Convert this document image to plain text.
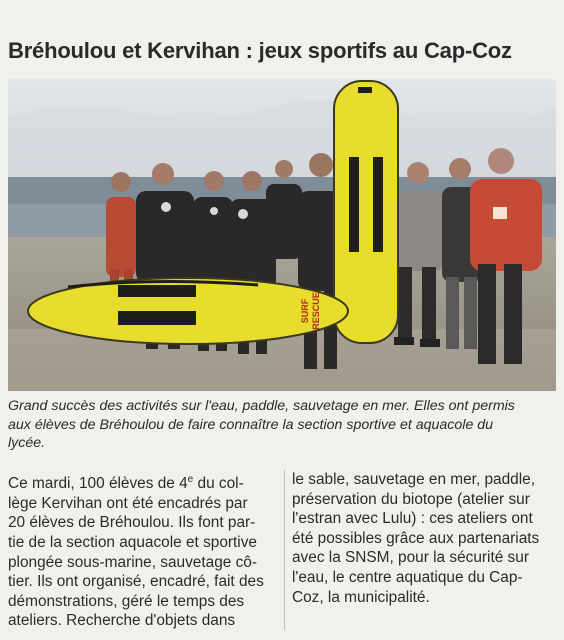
Bréhoulou et Kervihan : jeux sportifs au Cap-Coz
SURF RESCUE

Grand succès des activités sur l'eau, paddle, sauvetage en mer. Elles ont permis
aux élèves de Bréhoulou de faire connaître la section sportive et aquacole du
lycée.

Ce mardi, 100 élèves de 4e du col-
lège Kervihan ont été encadrés par
20 élèves de Bréhoulou. Ils font par-
tie de la section aquacole et sportive
plongée sous-marine, sauvetage cô-
tier. Ils ont organisé, encadré, fait des
démonstrations, géré le temps des
ateliers. Recherche d'objets dans
le sable, sauvetage en mer, paddle,
préservation du biotope (atelier sur
l'estran avec Lulu) : ces ateliers ont
été possibles grâce aux partenariats
avec la SNSM, pour la sécurité sur
l'eau, le centre aquatique du Cap-
Coz, la municipalité.
